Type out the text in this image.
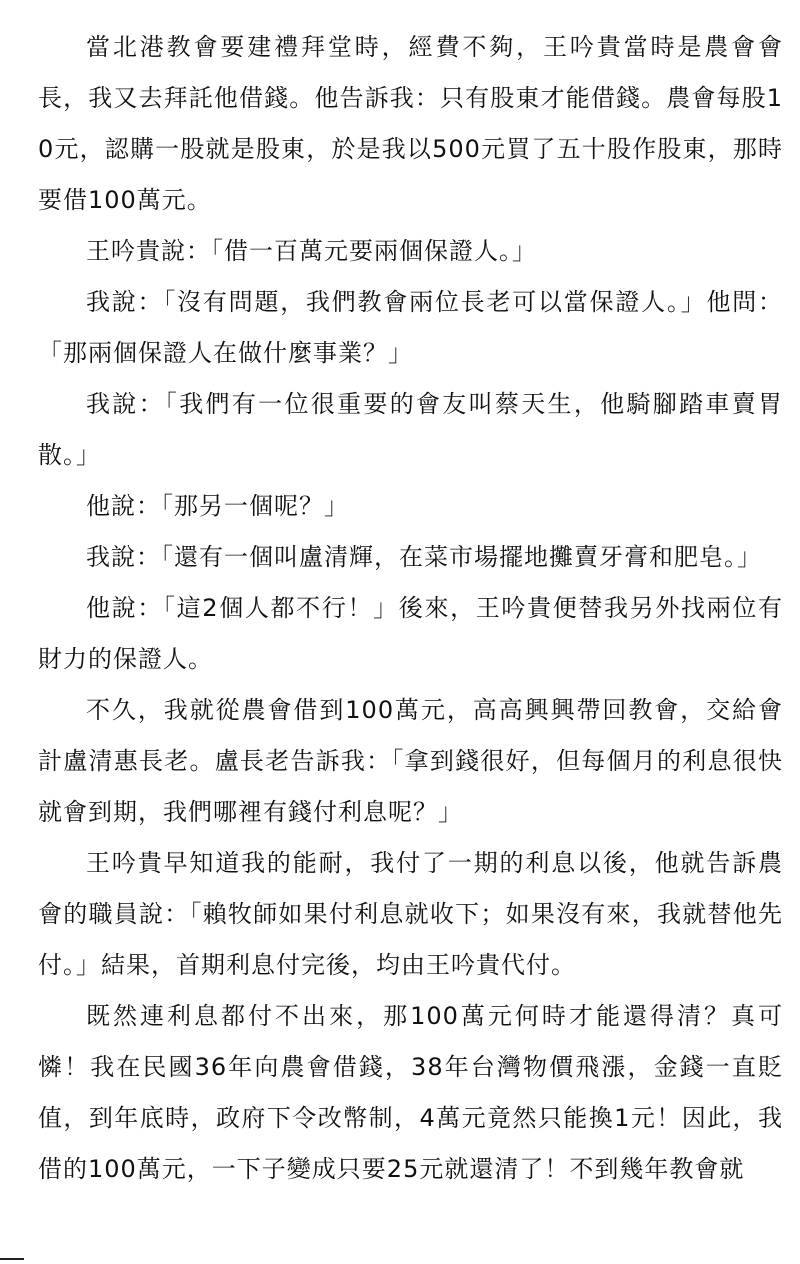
當北港教會要建禮拜堂時，經費不夠，王吟貴當時是農會會長，我又去拜託他借錢。他告訴我：只有股東才能借錢。農會每股10元，認購一股就是股東，於是我以500元買了五十股作股東，那時要借100萬元。

王吟貴說：「借一百萬元要兩個保證人。」

我說：「沒有問題，我們教會兩位長老可以當保證人。」他問：「那兩個保證人在做什麼事業？」

我說：「我們有一位很重要的會友叫蔡天生，他騎腳踏車賣胃散。」

他說：「那另一個呢？」

我說：「還有一個叫盧清輝，在菜市場擺地攤賣牙膏和肥皂。」

他說：「這2個人都不行！」後來，王吟貴便替我另外找兩位有財力的保證人。

不久，我就從農會借到100萬元，高高興興帶回教會，交給會計盧清惠長老。盧長老告訴我：「拿到錢很好，但每個月的利息很快就會到期，我們哪裡有錢付利息呢？」

王吟貴早知道我的能耐，我付了一期的利息以後，他就告訴農會的職員說：「賴牧師如果付利息就收下；如果沒有來，我就替他先付。」結果，首期利息付完後，均由王吟貴代付。

既然連利息都付不出來，那100萬元何時才能還得清？真可憐！我在民國36年向農會借錢，38年台灣物價飛漲，金錢一直貶值，到年底時，政府下令改幣制，4萬元竟然只能換1元！因此，我借的100萬元，一下子變成只要25元就還清了！不到幾年教會就
